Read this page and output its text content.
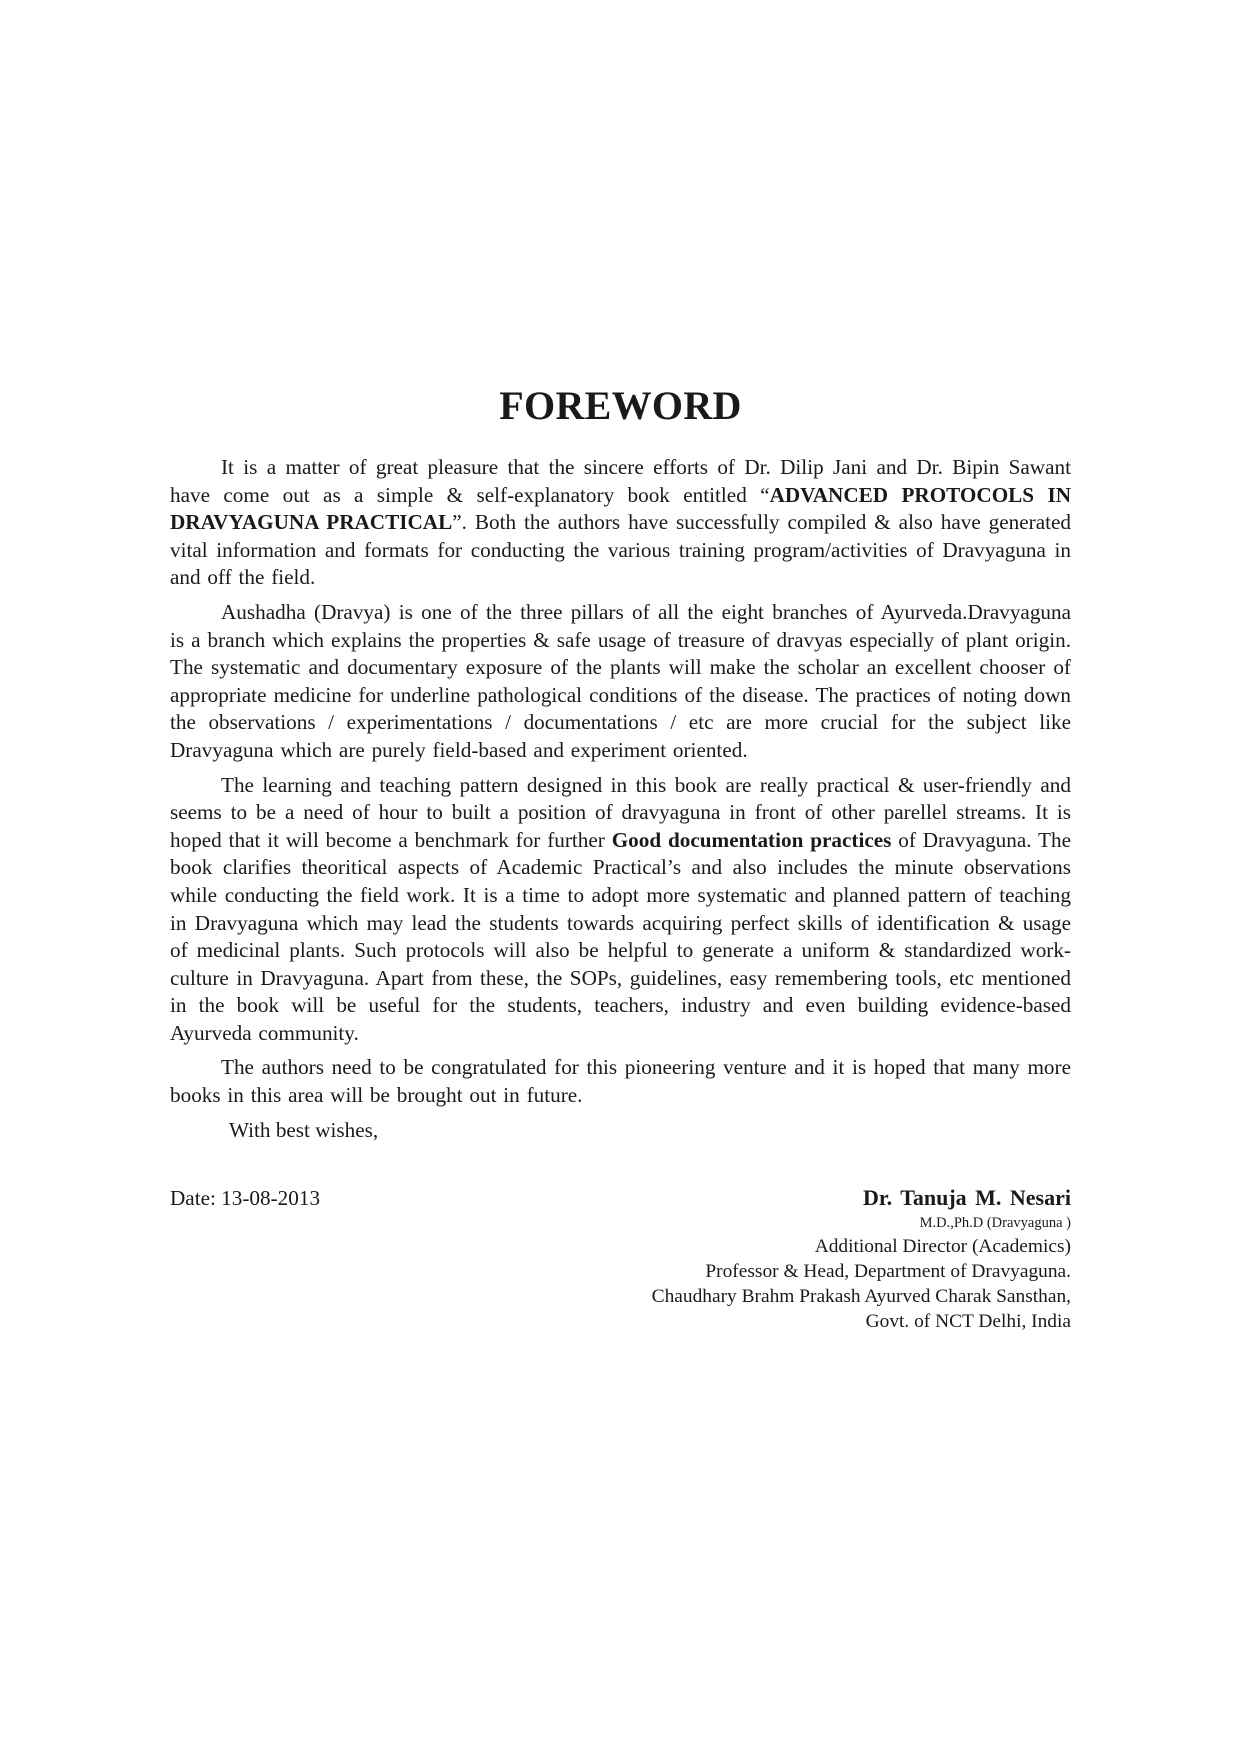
FOREWORD

It is a matter of great pleasure that the sincere efforts of Dr. Dilip Jani and Dr. Bipin Sawant have come out as a simple & self-explanatory book entitled “ADVANCED PROTOCOLS IN DRAVYAGUNA PRACTICAL”. Both the authors have successfully compiled & also have generated vital information and formats for conducting the various training program/activities of Dravyaguna in and off the field.

Aushadha (Dravya) is one of the three pillars of all the eight branches of Ayurveda.Dravyaguna is a branch which explains the properties & safe usage of treasure of dravyas especially of plant origin. The systematic and documentary exposure of the plants will make the scholar an excellent chooser of appropriate medicine for underline pathological conditions of the disease. The practices of noting down the observations / experimentations / documentations / etc are more crucial for the subject like Dravyaguna which are purely field-based and experiment oriented.

The learning and teaching pattern designed in this book are really practical & user-friendly and seems to be a need of hour to built a position of dravyaguna in front of other parellel streams. It is hoped that it will become a benchmark for further Good documentation practices of Dravyaguna. The book clarifies theoritical aspects of Academic Practical’s and also includes the minute observations while conducting the field work. It is a time to adopt more systematic and planned pattern of teaching in Dravyaguna which may lead the students towards acquiring perfect skills of identification & usage of medicinal plants. Such protocols will also be helpful to generate a uniform & standardized work-culture in Dravyaguna. Apart from these, the SOPs, guidelines, easy remembering tools, etc mentioned in the book will be useful for the students, teachers, industry and even building evidence-based Ayurveda community.

The authors need to be congratulated for this pioneering venture and it is hoped that many more books in this area will be brought out in future.

With best wishes,

Date: 13-08-2013	Dr. Tanuja M. Nesari
M.D.,Ph.D (Dravyaguna )
Additional Director (Academics)
Professor & Head, Department of Dravyaguna.
Chaudhary Brahm Prakash Ayurved Charak Sansthan,
Govt. of NCT Delhi, India
